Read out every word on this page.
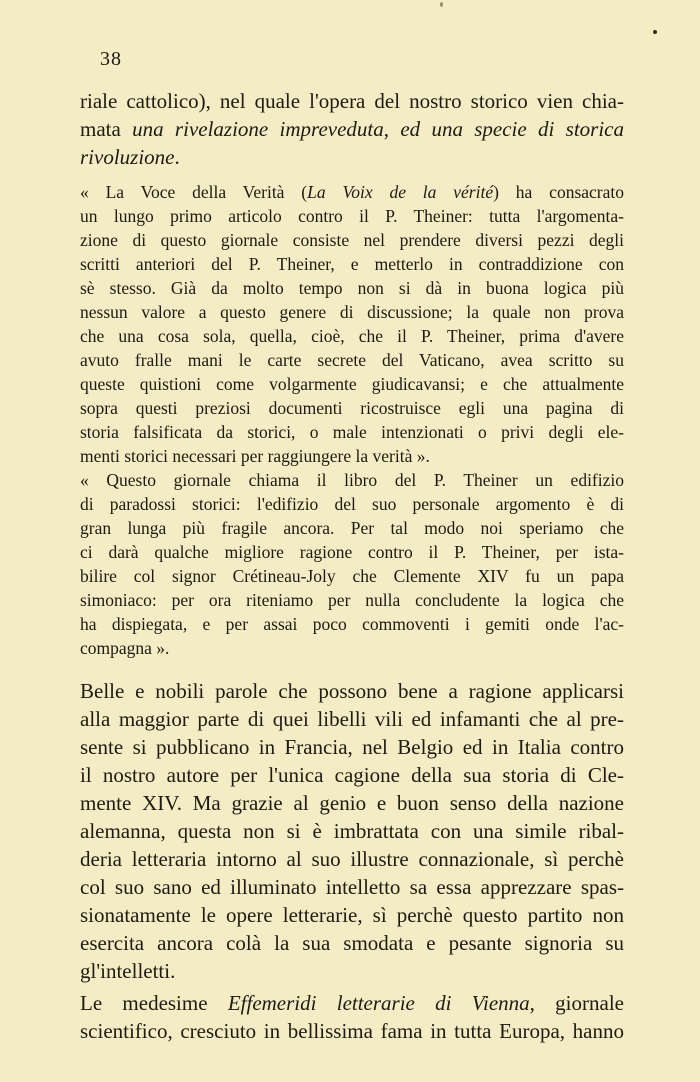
38
riale cattolico), nel quale l'opera del nostro storico vien chia-
mata una rivelazione impreveduta, ed una specie di storica
rivoluzione.
« La Voce della Verità (La Voix de la vérité) ha consacrato
un lungo primo articolo contro il P. Theiner: tutta l'argomenta-
zione di questo giornale consiste nel prendere diversi pezzi degli
scritti anteriori del P. Theiner, e metterlo in contraddizione con
sè stesso. Già da molto tempo non si dà in buona logica più
nessun valore a questo genere di discussione; la quale non prova
che una cosa sola, quella, cioè, che il P. Theiner, prima d'avere
avuto fralle mani le carte secrete del Vaticano, avea scritto su
queste quistioni come volgarmente giudicavansi; e che attualmente
sopra questi preziosi documenti ricostruisce egli una pagina di
storia falsificata da storici, o male intenzionati o privi degli ele-
menti storici necessari per raggiungere la verità ».
« Questo giornale chiama il libro del P. Theiner un edifizio
di paradossi storici: l'edifizio del suo personale argomento è di
gran lunga più fragile ancora. Per tal modo noi speriamo che
ci darà qualche migliore ragione contro il P. Theiner, per ista-
bilire col signor Crétineau-Joly che Clemente XIV fu un papa
simoniaco: per ora riteniamo per nulla concludente la logica che
ha dispiegata, e per assai poco commoventi i gemiti onde l'ac-
compagna ».
Belle e nobili parole che possono bene a ragione applicarsi
alla maggior parte di quei libelli vili ed infamanti che al pre-
sente si pubblicano in Francia, nel Belgio ed in Italia contro
il nostro autore per l'unica cagione della sua storia di Cle-
mente XIV. Ma grazie al genio e buon senso della nazione
alemanna, questa non si è imbrattata con una simile ribal-
deria letteraria intorno al suo illustre connazionale, sì perchè
col suo sano ed illuminato intelletto sa essa apprezzare spas-
sionatamente le opere letterarie, sì perchè questo partito non
esercita ancora colà la sua smodata e pesante signoria su
gl'intelletti.
Le medesime Effemeridi letterarie di Vienna, giornale
scientifico, cresciuto in bellissima fama in tutta Europa, hanno
